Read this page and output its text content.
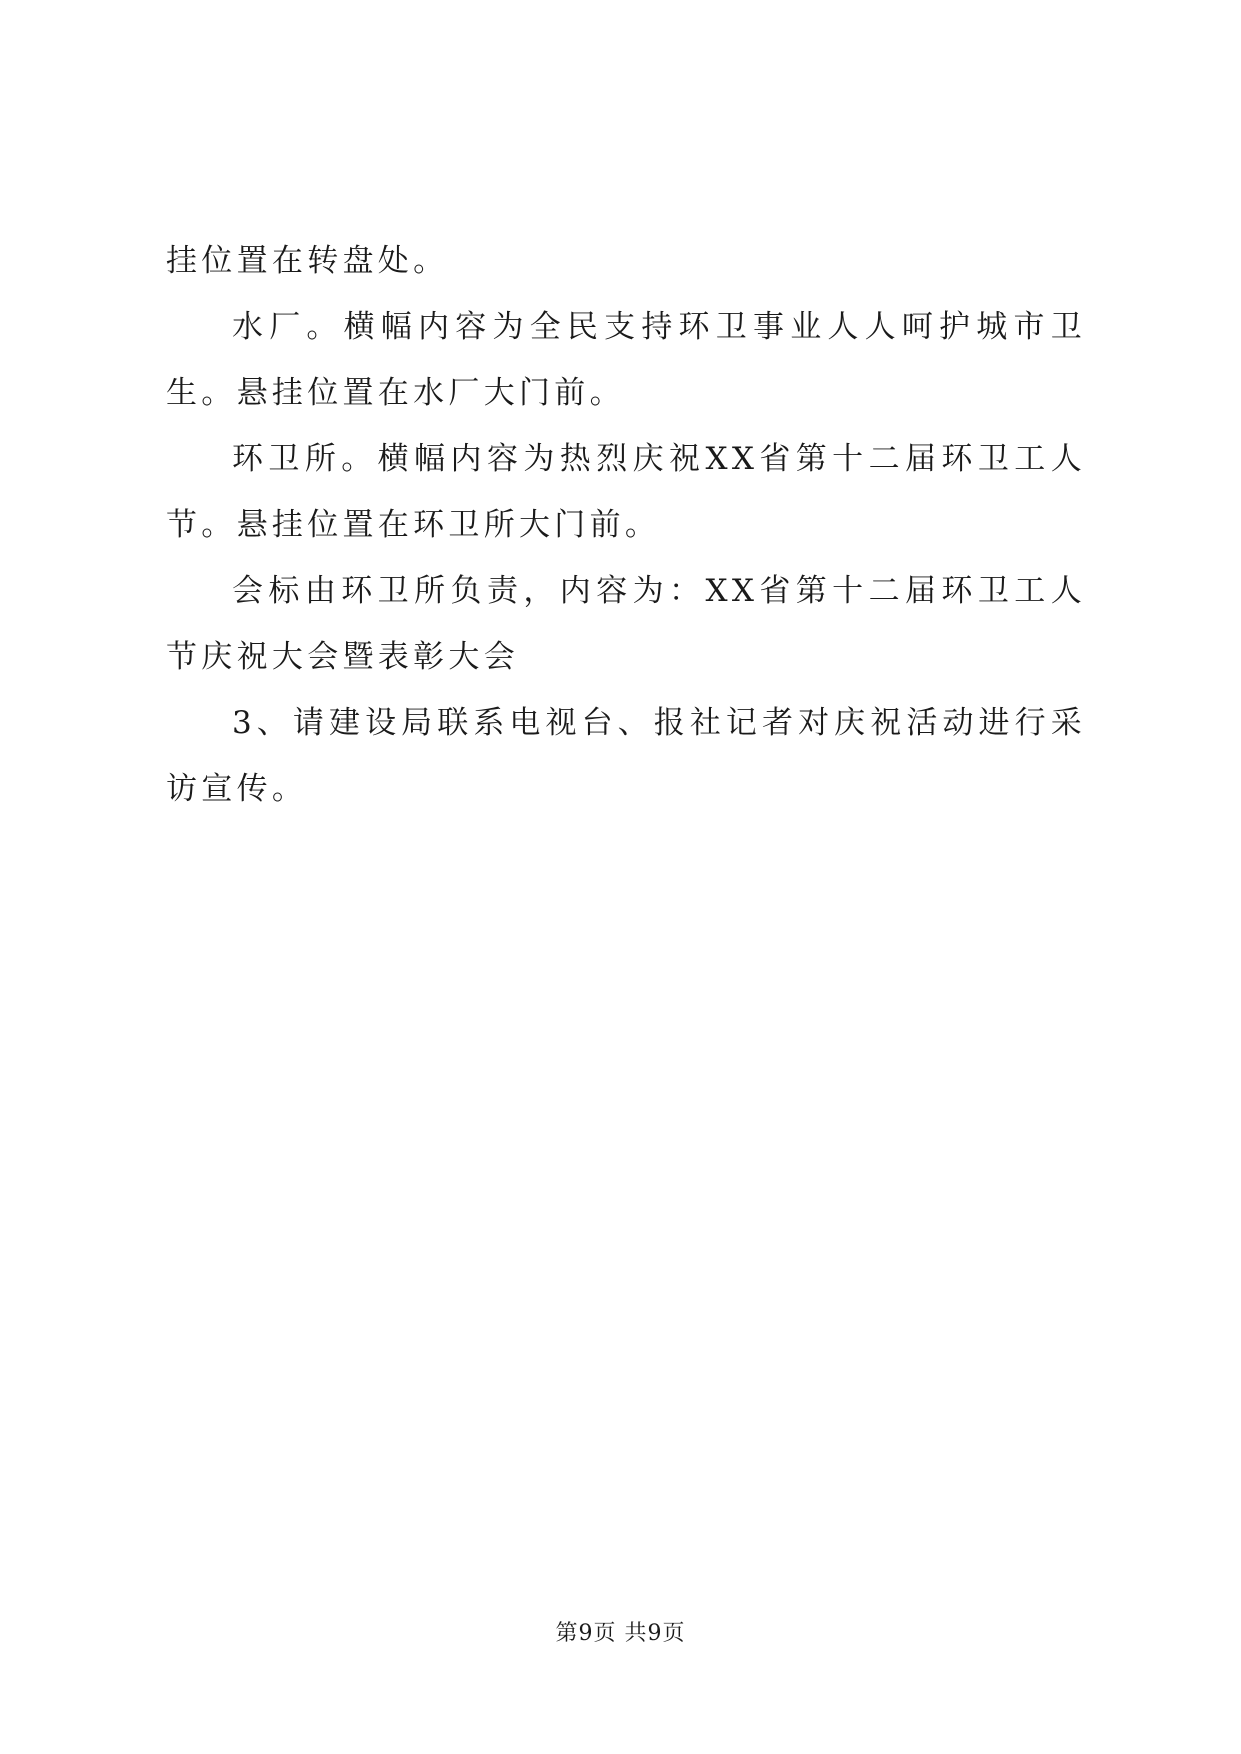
挂位置在转盘处。

水厂。横幅内容为全民支持环卫事业人人呵护城市卫生。悬挂位置在水厂大门前。

环卫所。横幅内容为热烈庆祝XX省第十二届环卫工人节。悬挂位置在环卫所大门前。

会标由环卫所负责，内容为：XX省第十二届环卫工人节庆祝大会暨表彰大会

3、请建设局联系电视台、报社记者对庆祝活动进行采访宣传。

第9页 共9页
